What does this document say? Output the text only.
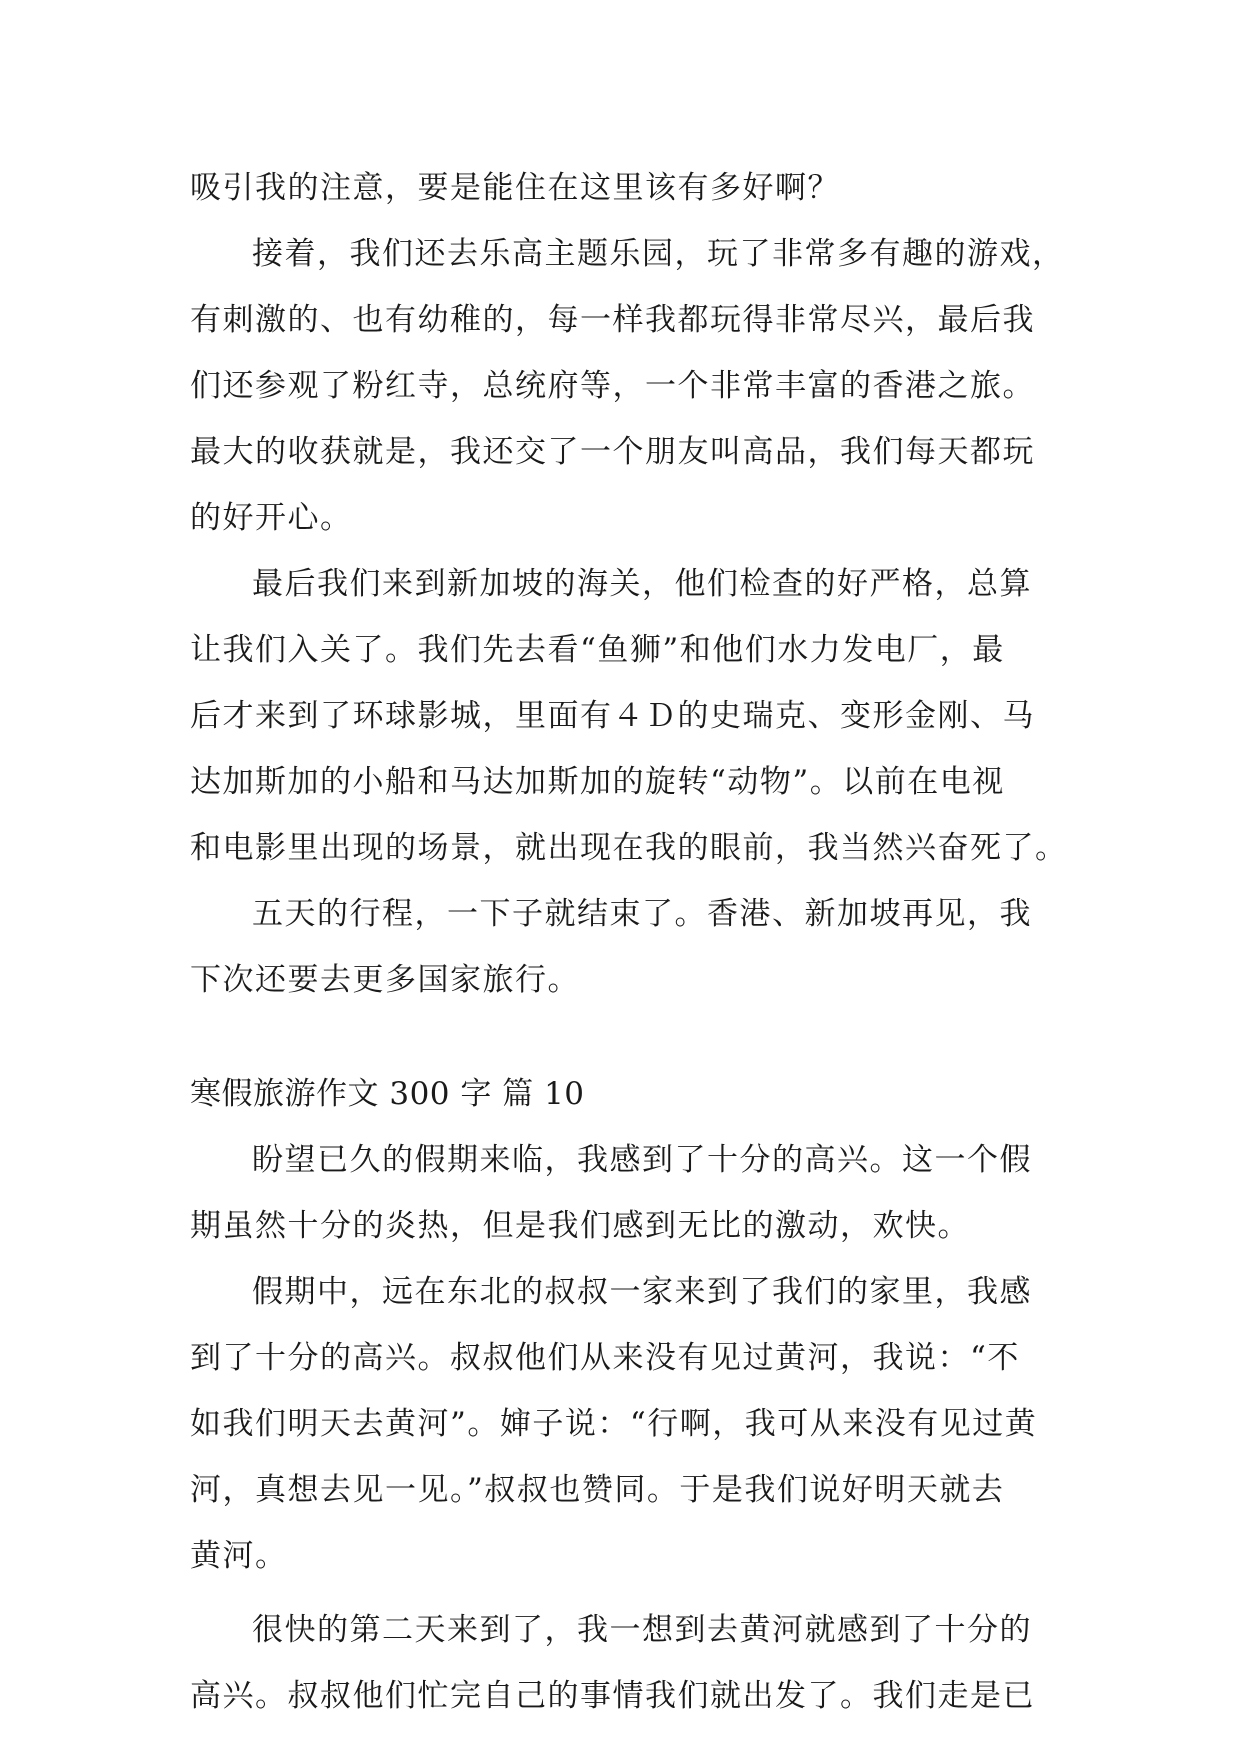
吸引我的注意，要是能住在这里该有多好啊？
接着，我们还去乐高主题乐园，玩了非常多有趣的游戏，
有刺激的、也有幼稚的，每一样我都玩得非常尽兴，最后我
们还参观了粉红寺，总统府等，一个非常丰富的香港之旅。
最大的收获就是，我还交了一个朋友叫高品，我们每天都玩
的好开心。
最后我们来到新加坡的海关，他们检查的好严格，总算
让我们入关了。我们先去看“鱼狮”和他们水力发电厂，最
后才来到了环球影城，里面有４Ｄ的史瑞克、变形金刚、马
达加斯加的小船和马达加斯加的旋转“动物”。以前在电视
和电影里出现的场景，就出现在我的眼前，我当然兴奋死了。
五天的行程，一下子就结束了。香港、新加坡再见，我
下次还要去更多国家旅行。
寒假旅游作文 300 字 篇 10
盼望已久的假期来临，我感到了十分的高兴。这一个假
期虽然十分的炎热，但是我们感到无比的激动，欢快。
假期中，远在东北的叔叔一家来到了我们的家里，我感
到了十分的高兴。叔叔他们从来没有见过黄河，我说：“不
如我们明天去黄河”。婶子说：“行啊，我可从来没有见过黄
河，真想去见一见。”叔叔也赞同。于是我们说好明天就去
黄河。
很快的第二天来到了，我一想到去黄河就感到了十分的
高兴。叔叔他们忙完自己的事情我们就出发了。我们走是已
